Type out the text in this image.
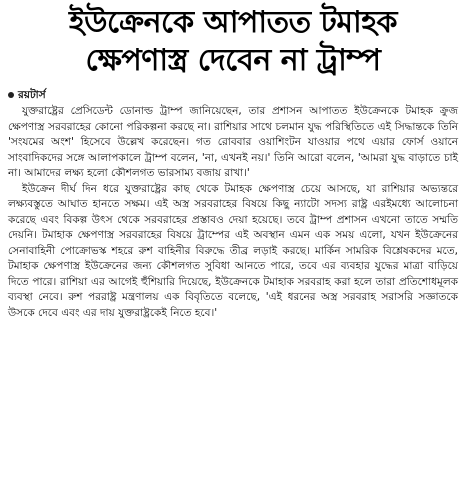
ইউক্রেনকে আপাতত টমাহক
ক্ষেপণাস্ত্র দেবেন না ট্রাম্প
রয়টার্স

যুক্তরাষ্ট্রের প্রেসিডেন্ট ডোনাল্ড ট্রাম্প জানিয়েছেন, তার প্রশাসন আপাতত ইউক্রেনকে টমাহক ক্রুজ ক্ষেপণাস্ত্র সরবরাহের কোনো পরিকল্পনা করছে না। রাশিয়ার সাথে চলমান যুদ্ধ পরিস্থিতিতে এই সিদ্ধান্তকে তিনি 'সংযমের অংশ' হিসেবে উল্লেখ করেছেন। গত রোববার ওয়াশিংটন যাওয়ার পথে এয়ার ফোর্স ওয়ানে সাংবাদিকদের সঙ্গে আলাপকালে ট্রাম্প বলেন, 'না, এখনই নয়।' তিনি আরো বলেন, 'আমরা যুদ্ধ বাড়াতে চাই না। আমাদের লক্ষ্য হলো কৌশলগত ভারসাম্য বজায় রাখা।'

ইউক্রেন দীর্ঘ দিন ধরে যুক্তরাষ্ট্রের কাছ থেকে টমাহক ক্ষেপণাস্ত্র চেয়ে আসছে, যা রাশিয়ার অভ্যন্তরে লক্ষ্যবস্তুতে আঘাত হানতে সক্ষম। এই অস্ত্র সরবরাহের বিষয়ে কিছু ন্যাটো সদস্য রাষ্ট্র এরইমধ্যে আলোচনা করেছে এবং বিকল্প উৎস থেকে সরবরাহের প্রস্তাবও দেয়া হয়েছে। তবে ট্রাম্প প্রশাসন এখনো তাতে সম্মতি দেয়নি। টমাহাক ক্ষেপণাস্ত্র সরবরাহের বিষয়ে ট্রাম্পের এই অবস্থান এমন এক সময় এলো, যখন ইউক্রেনের সেনাবাহিনী পোক্রোভস্ক শহরে রুশ বাহিনীর বিরুদ্ধে তীব্র লড়াই করছে। মার্কিন সামরিক বিশ্লেষকদের মতে, টমাহাক ক্ষেপণাস্ত্র ইউক্রেনের জন্য কৌশলগত সুবিধা আনতে পারে, তবে এর ব্যবহার যুদ্ধের মাত্রা বাড়িয়ে দিতে পারে। রাশিয়া এর আগেই হুঁশিয়ারি দিয়েছে, ইউক্রেনকে টমাহাক সরবরাহ করা হলে তারা প্রতিশোধমূলক ব্যবস্থা নেবে। রুশ পররাষ্ট্র মন্ত্রণালয় এক বিবৃতিতে বলেছে, 'এই ধরনের অস্ত্র সরবরাহ সরাসরি সজ্ঞাতকে উসকে দেবে এবং এর দায় যুক্তরাষ্ট্রকেই নিতে হবে।'
